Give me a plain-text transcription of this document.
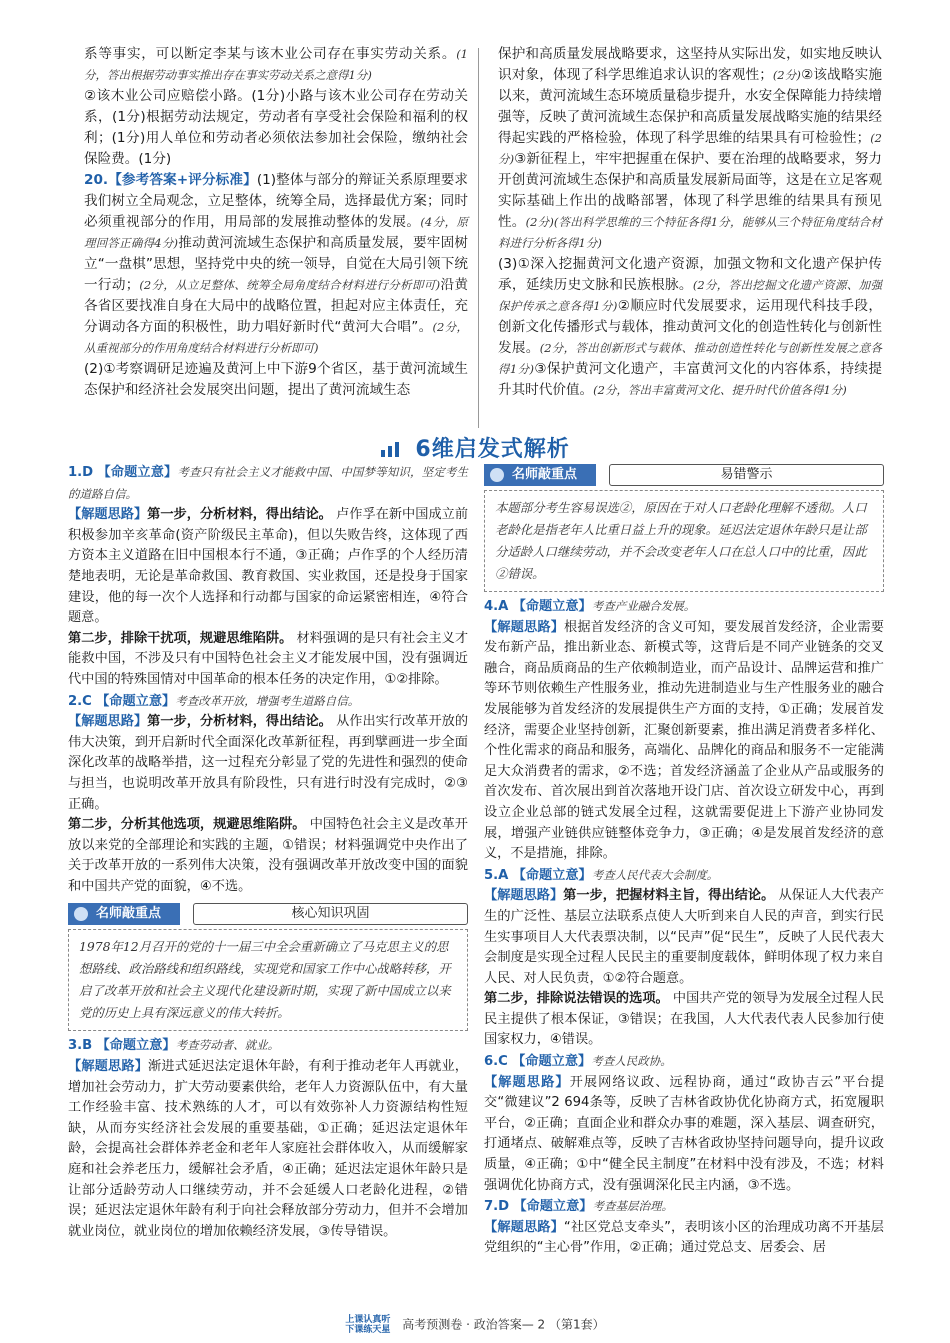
系等事实，可以断定李某与该木业公司存在事实劳动关系。(1分，答出根据劳动事实推出存在事实劳动关系之意得1分)

②该木业公司应赔偿小路。(1分)小路与该木业公司存在劳动关系，(1分)根据劳动法规定，劳动者有享受社会保险和福利的权利；(1分)用人单位和劳动者必须依法参加社会保险，缴纳社会保险费。(1分)

20.【参考答案+评分标准】(1)整体与部分的辩证关系原理要求我们树立全局观念，立足整体，统筹全局，选择最优方案；同时必须重视部分的作用，用局部的发展推动整体的发展。(4分，原理回答正确得4分)推动黄河流域生态保护和高质量发展，要牢固树立“一盘棋”思想，坚持党中央的统一领导，自觉在大局引领下统一行动；(2分，从立足整体、统筹全局角度结合材料进行分析即可)沿黄各省区要找准自身在大局中的战略位置，担起对应主体责任，充分调动各方面的积极性，助力唱好新时代“黄河大合唱”。(2分，从重视部分的作用角度结合材料进行分析即可)

(2)①考察调研足迹遍及黄河上中下游9个省区，基于黄河流域生态保护和经济社会发展突出问题，提出了黄河流域生态

保护和高质量发展战略要求，这坚持从实际出发，如实地反映认识对象，体现了科学思维追求认识的客观性；(2分)②该战略实施以来，黄河流域生态环境质量稳步提升，水安全保障能力持续增强等，反映了黄河流域生态保护和高质量发展战略实施的结果经得起实践的严格检验，体现了科学思维的结果具有可检验性；(2分)③新征程上，牢牢把握重在保护、要在治理的战略要求，努力开创黄河流域生态保护和高质量发展新局面等，这是在立足客观实际基础上作出的战略部署，体现了科学思维的结果具有预见性。(2分)(答出科学思维的三个特征各得1分，能够从三个特征角度结合材料进行分析各得1分)

(3)①深入挖掘黄河文化遗产资源，加强文物和文化遗产保护传承，延续历史文脉和民族根脉。(2分，答出挖掘文化遗产资源、加强保护传承之意各得1分)②顺应时代发展要求，运用现代科技手段，创新文化传播形式与载体，推动黄河文化的创造性转化与创新性发展。(2分，答出创新形式与载体、推动创造性转化与创新性发展之意各得1分)③保护黄河文化遗产，丰富黄河文化的内容体系，持续提升其时代价值。(2分，答出丰富黄河文化、提升时代价值各得1分)

6维启发式解析

1.D 【命题立意】考查只有社会主义才能救中国、中国梦等知识，坚定考生的道路自信。

【解题思路】第一步，分析材料，得出结论。 卢作孚在新中国成立前积极参加辛亥革命(资产阶级民主革命)，但以失败告终，这体现了西方资本主义道路在旧中国根本行不通，③正确；卢作孚的个人经历清楚地表明，无论是革命救国、教育救国、实业救国，还是投身于国家建设，他的每一次个人选择和行动都与国家的命运紧密相连，④符合题意。

第二步，排除干扰项，规避思维陷阱。 材料强调的是只有社会主义才能救中国，不涉及只有中国特色社会主义才能发展中国，没有强调近代中国的特殊国情对中国革命的根本任务的决定作用，①②排除。

2.C 【命题立意】考查改革开放，增强考生道路自信。

【解题思路】第一步，分析材料，得出结论。 从作出实行改革开放的伟大决策，到开启新时代全面深化改革新征程，再到擘画进一步全面深化改革的战略举措，这一过程充分彰显了党的先进性和强烈的使命与担当，也说明改革开放具有阶段性，只有进行时没有完成时，②③正确。

第二步，分析其他选项，规避思维陷阱。 中国特色社会主义是改革开放以来党的全部理论和实践的主题，①错误；材料强调党中央作出了关于改革开放的一系列伟大决策，没有强调改革开放改变中国的面貌和中国共产党的面貌，④不选。

名师敲重点	核心知识巩固
1978年12月召开的党的十一届三中全会重新确立了马克思主义的思想路线、政治路线和组织路线，实现党和国家工作中心战略转移，开启了改革开放和社会主义现代化建设新时期，实现了新中国成立以来党的历史上具有深远意义的伟大转折。

3.B 【命题立意】考查劳动者、就业。

【解题思路】渐进式延迟法定退休年龄，有利于推动老年人再就业，增加社会劳动力，扩大劳动要素供给，老年人力资源队伍中，有大量工作经验丰富、技术熟练的人才，可以有效弥补人力资源结构性短缺，从而夯实经济社会发展的重要基础，①正确；延迟法定退休年龄，会提高社会群体养老金和老年人家庭社会群体收入，从而缓解家庭和社会养老压力，缓解社会矛盾，④正确；延迟法定退休年龄只是让部分适龄劳动人口继续劳动，并不会延缓人口老龄化进程，②错误；延迟法定退休年龄有利于向社会释放部分劳动力，但并不会增加就业岗位，就业岗位的增加依赖经济发展，③传导错误。

名师敲重点	易错警示
本题部分考生容易误选②，原因在于对人口老龄化理解不透彻。人口老龄化是指老年人比重日益上升的现象。延迟法定退休年龄只是让部分适龄人口继续劳动，并不会改变老年人口在总人口中的比重，因此②错误。

4.A 【命题立意】考查产业融合发展。

【解题思路】根据首发经济的含义可知，要发展首发经济，企业需要发布新产品，推出新业态、新模式等，这背后是不同产业链条的交叉融合，商品质商品的生产依赖制造业，而产品设计、品牌运营和推广等环节则依赖生产性服务业，推动先进制造业与生产性服务业的融合发展能够为首发经济的发展提供生产方面的支持，①正确；发展首发经济，需要企业坚持创新，汇聚创新要素，推出满足消费者多样化、个性化需求的商品和服务，高端化、品牌化的商品和服务不一定能满足大众消费者的需求，②不选；首发经济涵盖了企业从产品或服务的首次发布、首次展出到首次落地开设门店、首次设立研发中心，再到设立企业总部的链式发展全过程，这就需要促进上下游产业协同发展，增强产业链供应链整体竞争力，③正确；④是发展首发经济的意义，不是措施，排除。

5.A 【命题立意】考查人民代表大会制度。

【解题思路】第一步，把握材料主旨，得出结论。 从保证人大代表产生的广泛性、基层立法联系点使人大听到来自人民的声音，到实行民生实事项目人大代表票决制，以“民声”促“民生”，反映了人民代表大会制度是实现全过程人民民主的重要制度载体，鲜明体现了权力来自人民、对人民负责，①②符合题意。

第二步，排除说法错误的选项。 中国共产党的领导为发展全过程人民民主提供了根本保证，③错误；在我国，人大代表代表人民参加行使国家权力，④错误。

6.C 【命题立意】考查人民政协。

【解题思路】开展网络议政、远程协商，通过“政协吉云”平台提交“微建议”2 694条等，反映了吉林省政协优化协商方式，拓宽履职平台，②正确；直面企业和群众办事的难题，深入基层、调查研究，打通堵点、破解难点等，反映了吉林省政协坚持问题导向，提升议政质量，④正确；①中“健全民主制度”在材料中没有涉及，不选；材料强调优化协商方式，没有强调深化民主内涵，③不选。

7.D 【命题立意】考查基层治理。

【解题思路】“社区党总支牵头”，表明该小区的治理成功离不开基层党组织的“主心骨”作用，②正确；通过党总支、居委会、居

上课认真听
下课练天星 高考预测卷 · 政治答案— 2 （第1套）
